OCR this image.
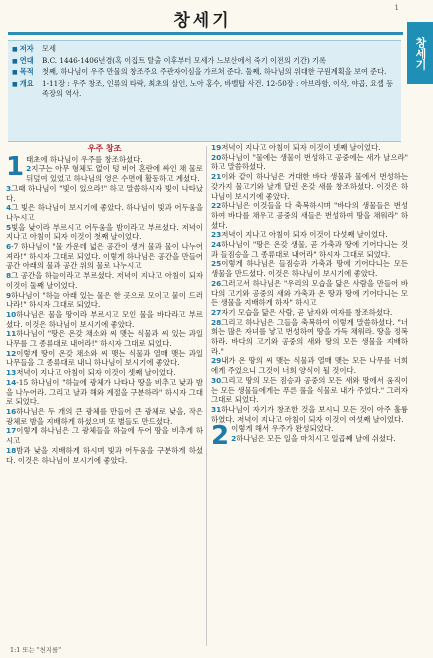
창세기
1
창세기
■ 저자	모세
■ 연대	B.C. 1446-1406년경(혹 이집트 탈출 이후부터 모세가 느보산에서 죽기 이전의 기간) 기록
■ 목적	첫째, 하나님이 우주 만물의 창조주요 주관자이심을 가르쳐 준다. 둘째, 하나님의 위대한 구원계획을 보여 준다.
■ 개요	1-11장 : 우주 창조, 인류의 타락, 최초의 살인, 노아 홍수, 바벨탑 사건. 12-50장 : 아브라함, 이삭, 야곱, 요셉 등 족장의 역사.
우주 창조

1 태초에 하나님이 우주를 창조하셨다.

2지구는 아무 형체도 없이 텅 비어 혼란에 싸인 채 물로 뒤덮여 있었고 하나님의 영은 수면에 활동하고 계셨다.

3그때 하나님이 "빛이 있으라!" 하고 말씀하시자 빛이 나타났다.

4그 빛은 하나님이 보시기에 좋았다. 하나님이 빛과 어두움을 나누시고

5빛을 낮이라 부르시고 어두움을 밤이라고 부르셨다. 저녁이 지나고 아침이 되자 이것이 첫째 날이었다.

6-7 하나님이 "물 가운데 넓은 공간이 생겨 물과 물이 나누어져라!" 하시자 그대로 되었다. 이렇게 하나님은 공간을 만들어 공간 아래의 물과 공간 위의 물로 나누시고

8그 공간을 하늘이라고 부르셨다. 저녁이 지나고 아침이 되자 이것이 둘째 날이었다.

9하나님이 "하늘 아래 있는 물은 한 곳으로 모이고 뭍이 드러나라!" 하시자 그대로 되었다.

10하나님은 물을 땅이라 부르시고 모인 물을 바다라고 부르셨다. 이것은 하나님이 보시기에 좋았다.

11하나님이 "땅은 온갖 채소와 씨 맺는 식물과 씨 있는 과일 나무를 그 종류대로 내어라!" 하시자 그대로 되었다.

12이렇게 땅이 온갖 채소와 씨 맺는 식물과 열매 맺는 과일 나무들을 그 종류대로 내니 하나님이 보시기에 좋았다.

13저녁이 지나고 아침이 되자 이것이 셋째 날이었다.

14-15 하나님이 "하늘에 광체가 나타나 땅을 비추고 낮과 밤을 나누어라. 그리고 날과 해와 계절을 구분하라" 하시자 그대로 되었다.

16하나님은 두 개의 큰 광체를 만들어 큰 광체로 낮을, 작은 광체로 밤을 지배하게 하셨으며 또 별들도 만드셨다.

17이렇게 하나님은 그 광체들을 하늘에 두어 땅을 비추게 하시고

18밤과 낮을 지배하게 하시며 빛과 어두움을 구분하게 하셨다. 이것은 하나님이 보시기에 좋았다.

19저녁이 지나고 아침이 되자 이것이 넷째 날이었다.

20하나님이 "물에는 생물이 번성하고 공중에는 새가 날으라" 하고 말씀하셨다.

21이와 같이 하나님은 거대한 바다 생물과 물에서 번성하는 갖가지 물고기와 날개 달린 온갖 새를 창조하셨다. 이것은 하나님이 보시기에 좋았다.

22하나님은 이것들을 다 축복하시며 "바다의 생물들은 번성하여 바다를 채우고 공중의 새들은 번성하여 땅을 채워라" 하셨다.

23저녁이 지나고 아침이 되자 이것이 다섯째 날이었다.

24하나님이 "땅은 온갖 생물, 곧 가축과 땅에 기어다니는 것과 들짐승을 그 종류대로 내어라" 하시자 그대로 되었다.

25이렇게 하나님은 들짐승과 가축과 땅에 기어다니는 모든 생물을 만드셨다. 이것은 하나님이 보시기에 좋았다.

26그러고서 하나님은 "우리의 모습을 닮은 사람을 만들어 바다의 고기와 공중의 새와 가축과 온 땅과 땅에 기어다니는 모든 생물을 지배하게 하자" 하시고

27자기 모습을 닮은 사람, 곧 남자와 여자를 창조하셨다.

28그리고 하나님은 그들을 축복하여 이렇게 말씀하셨다. "너희는 많은 자녀를 낳고 번성하여 땅을 가득 채워라. 땅을 정복하라. 바다의 고기와 공중의 새와 땅의 모든 생물을 지배하라."

29내가 온 땅의 씨 맺는 식물과 열매 맺는 모든 나무를 너희에게 주었으니 그것이 너희 양식이 될 것이다.

30그리고 땅의 모든 짐승과 공중의 모든 새와 땅에서 움직이는 모든 생물들에게는 푸른 풀을 식물로 내가 주었다." 그러자 그대로 되었다.

31하나님이 자기가 창조한 것을 보시니 모든 것이 아주 훌륭하였다. 저녁이 지나고 아침이 되자 이것이 여섯째 날이었다.

2 이렇게 해서 우주가 완성되었다.

2하나님은 모든 일을 마치시고 일곱째 날에 쉬셨다.

1:1 또는 "천지를"
